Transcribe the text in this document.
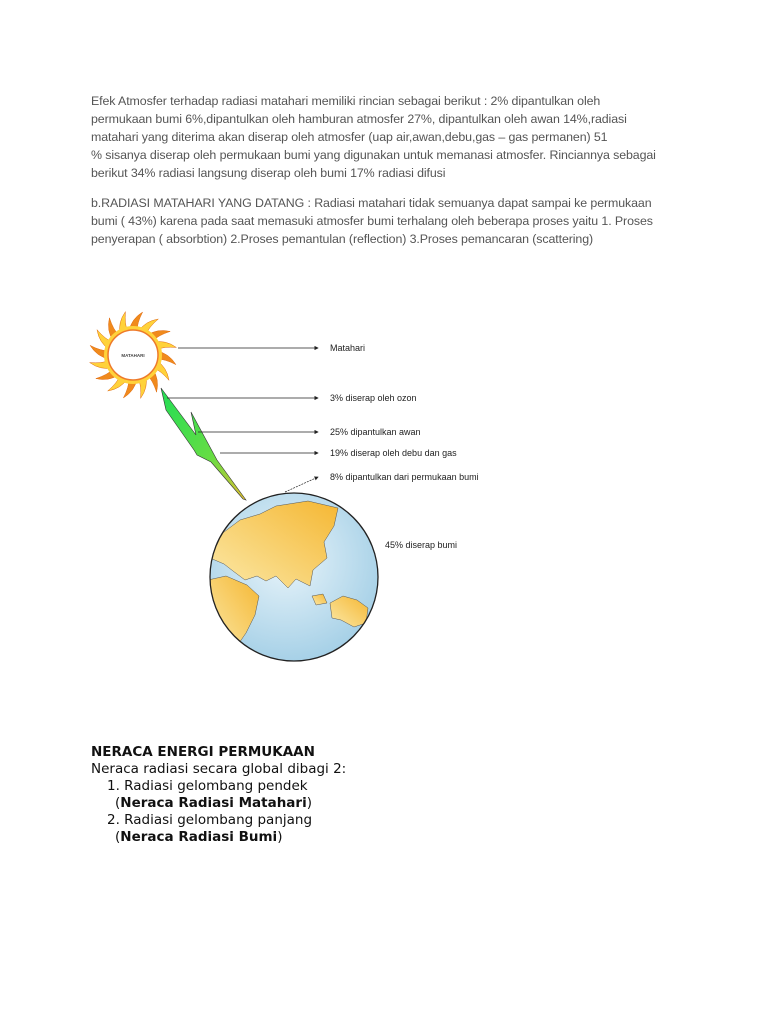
Efek Atmosfer terhadap radiasi matahari memiliki rincian sebagai berikut : 2% dipantulkan oleh
permukaan bumi 6%,dipantulkan oleh hamburan atmosfer 27%, dipantulkan oleh awan 14%,radiasi
matahari yang diterima akan diserap oleh atmosfer (uap air,awan,debu,gas – gas permanen) 51
% sisanya diserap oleh permukaan bumi yang digunakan untuk memanasi atmosfer. Rinciannya sebagai
berikut 34% radiasi langsung diserap oleh bumi 17% radiasi difusi
b.RADIASI MATAHARI YANG DATANG : Radiasi matahari tidak semuanya dapat sampai ke permukaan
bumi ( 43%) karena pada saat memasuki atmosfer bumi terhalang oleh beberapa proses yaitu 1. Proses
penyerapan ( absorbtion) 2.Proses pemantulan (reflection) 3.Proses pemancaran (scattering)
MATAHARI
Matahari
3% diserap oleh ozon
25% dipantulkan awan
19% diserap oleh debu dan gas
8% dipantulkan dari permukaan bumi
45% diserap bumi
NERACA ENERGI PERMUKAAN
Neraca radiasi secara global dibagi 2:
1. Radiasi gelombang pendek
(Neraca Radiasi Matahari)
2. Radiasi gelombang panjang
(Neraca Radiasi Bumi)
